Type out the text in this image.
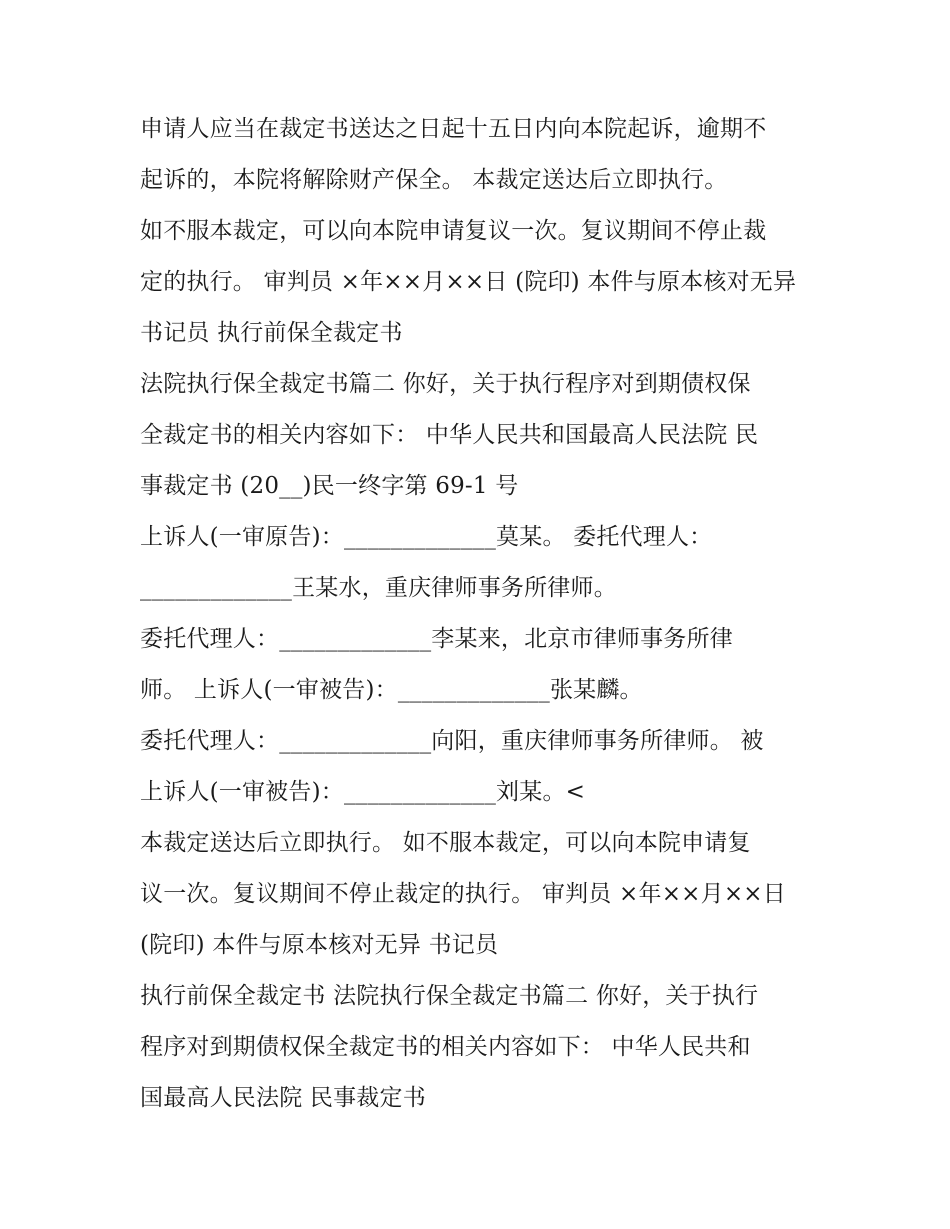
申请人应当在裁定书送达之日起十五日内向本院起诉，逾期不
起诉的，本院将解除财产保全。 本裁定送达后立即执行。
如不服本裁定，可以向本院申请复议一次。复议期间不停止裁
定的执行。 审判员 ×年××月××日 (院印) 本件与原本核对无异
书记员 执行前保全裁定书
法院执行保全裁定书篇二 你好，关于执行程序对到期债权保
全裁定书的相关内容如下： 中华人民共和国最高人民法院 民
事裁定书 (20__)民一终字第 69-1 号
上诉人(一审原告)：_____________莫某。 委托代理人：
_____________王某水，重庆律师事务所律师。
委托代理人：_____________李某来，北京市律师事务所律
师。 上诉人(一审被告)：_____________张某麟。
委托代理人：_____________向阳，重庆律师事务所律师。 被
上诉人(一审被告)：_____________刘某。<
本裁定送达后立即执行。 如不服本裁定，可以向本院申请复
议一次。复议期间不停止裁定的执行。 审判员 ×年××月××日
(院印) 本件与原本核对无异 书记员
执行前保全裁定书 法院执行保全裁定书篇二 你好，关于执行
程序对到期债权保全裁定书的相关内容如下： 中华人民共和
国最高人民法院 民事裁定书
